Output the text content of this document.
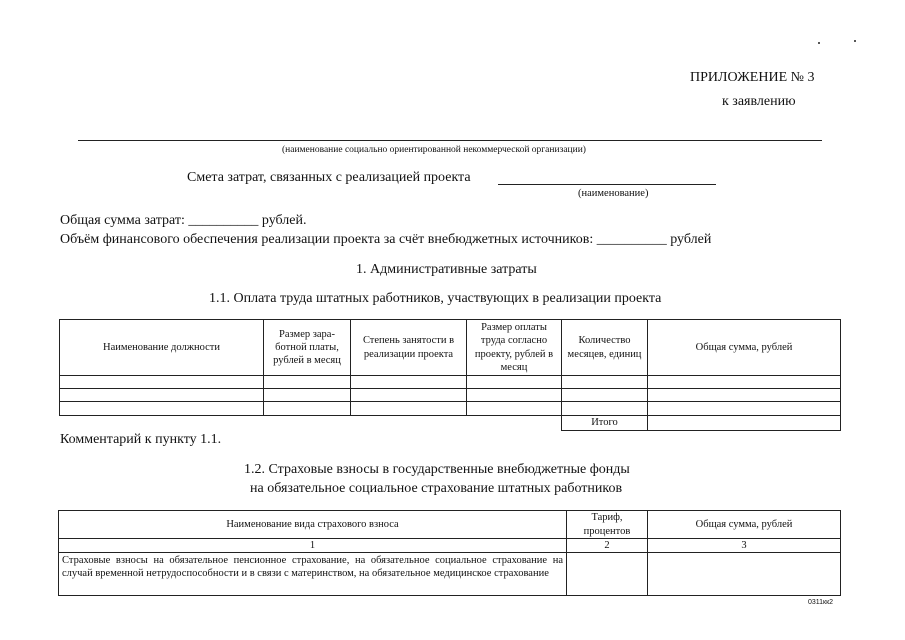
ПРИЛОЖЕНИЕ № 3
к заявлению
(наименование социально ориентированной некоммерческой организации)
Смета затрат, связанных с реализацией проекта
(наименование)
Общая сумма затрат: __________ рублей.
Объём финансового обеспечения реализации проекта за счёт внебюджетных источников: __________ рублей
1. Административные затраты
1.1. Оплата труда штатных работников, участвующих в реализации проекта
Наименование должности	Размер зара-ботной платы, рублей в месяц	Степень занятости в реализации проекта	Размер оплаты труда согласно проекту, рублей в месяц	Количество месяцев, единиц	Общая сумма, рублей

				Итого	
Комментарий к пункту 1.1.
1.2. Страховые взносы в государственные внебюджетные фонды
на обязательное социальное страхование штатных работников
Наименование вида страхового взноса	Тариф, процентов	Общая сумма, рублей
1	2	3
Страховые взносы на обязательное пенсионное страхование, на обязательное социальное страхование на случай временной нетрудоспособности и в связи с материнством, на обязательное медицинское страхование		
0311кк2
